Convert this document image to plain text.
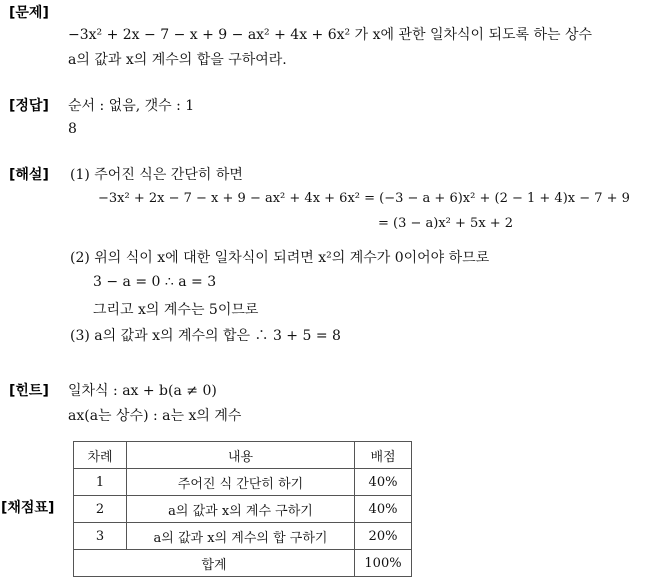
[문제]
−3x² + 2x − 7 − x + 9 − ax² + 4x + 6x² 가 x에 관한 일차식이 되도록 하는 상수
a의 값과 x의 계수의 합을 구하여라.
[정답] 순서 : 없음, 갯수 : 1
8
[해설] (1) 주어진 식은 간단히 하면
−3x² + 2x − 7 − x + 9 − ax² + 4x + 6x² = (−3 − a + 6)x² + (2 − 1 + 4)x − 7 + 9
= (3 − a)x² + 5x + 2
(2) 위의 식이 x에 대한 일차식이 되려면 x²의 계수가 0이어야 하므로
3 − a = 0 ∴ a = 3
그리고 x의 계수는 5이므로
(3) a의 값과 x의 계수의 합은 ∴ 3 + 5 = 8
[힌트] 일차식 : ax + b(a ≠ 0)
ax(a는 상수) : a는 x의 계수
[채점표]
차례	내용	배점
1	주어진 식 간단히 하기	40%
2	a의 값과 x의 계수 구하기	40%
3	a의 값과 x의 계수의 합 구하기	20%
합계		100%
